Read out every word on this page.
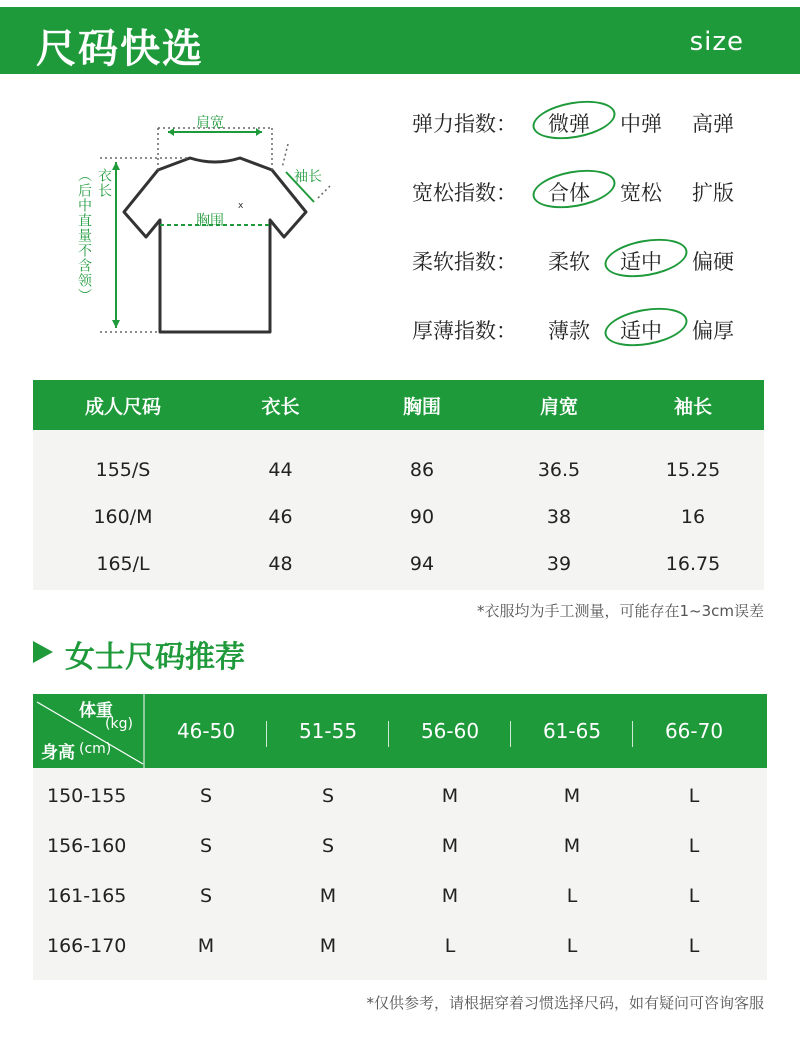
尺码快选	size
x
肩宽
袖长
胸围
衣长
（后中直量不含领）
弹力指数： 微弹 中弹 高弹
宽松指数： 合体 宽松 扩版
柔软指数： 柔软 适中 偏硬
厚薄指数： 薄款 适中 偏厚
成人尺码	衣长	胸围	肩宽	袖长
155/S	44	86	36.5	15.25
160/M	46	90	38	16
165/L	48	94	39	16.75
*衣服均为手工测量，可能存在1~3cm误差
女士尺码推荐
体重
(kg)
身高 (cm)
46-50	51-55	56-60	61-65	66-70
150-155	S	S	M	M	L
156-160	S	S	M	M	L
161-165	S	M	M	L	L
166-170	M	M	L	L	L
*仅供参考，请根据穿着习惯选择尺码，如有疑问可咨询客服
